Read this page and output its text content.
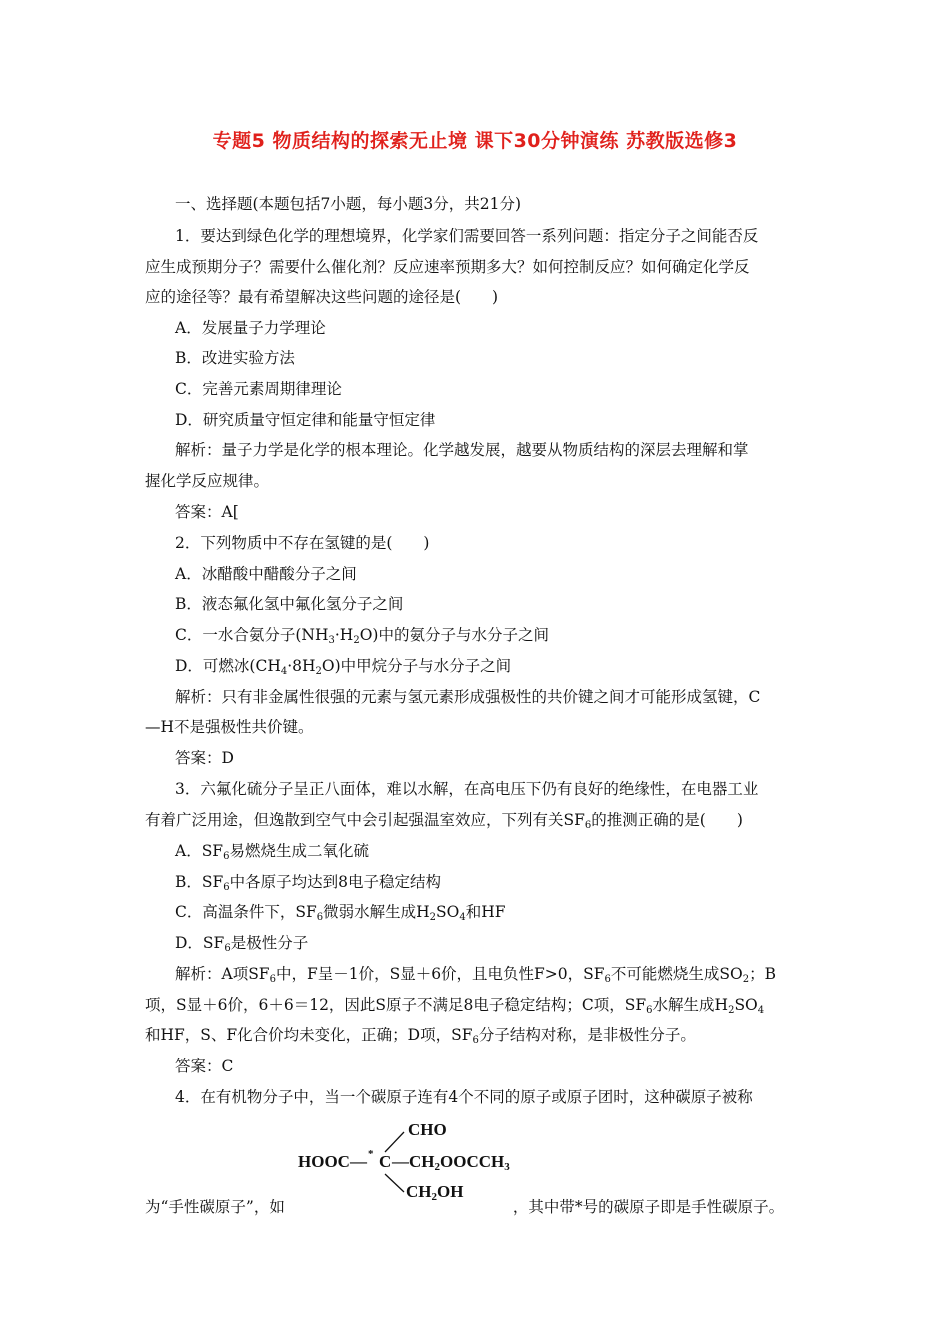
专题5 物质结构的探索无止境 课下30分钟演练 苏教版选修3
一、选择题(本题包括7小题，每小题3分，共21分)
1．要达到绿色化学的理想境界，化学家们需要回答一系列问题：指定分子之间能否反
应生成预期分子？需要什么催化剂？反应速率预期多大？如何控制反应？如何确定化学反
应的途径等？最有希望解决这些问题的途径是(　　)
A．发展量子力学理论
B．改进实验方法
C．完善元素周期律理论
D．研究质量守恒定律和能量守恒定律
解析：量子力学是化学的根本理论。化学越发展，越要从物质结构的深层去理解和掌
握化学反应规律。
答案：A[
2．下列物质中不存在氢键的是(　　)
A．冰醋酸中醋酸分子之间
B．液态氟化氢中氟化氢分子之间
C．一水合氨分子$(NH_3\cdot H_2O)$中的氨分子与水分子之间
D．可燃冰$(CH_4\cdot 8H_2O)$中甲烷分子与水分子之间
解析：只有非金属性很强的元素与氢元素形成强极性的共价键之间才可能形成氢键，C
—H不是强极性共价键。
答案：D
3．六氟化硫分子呈正八面体，难以水解，在高电压下仍有良好的绝缘性，在电器工业
有着广泛用途，但逸散到空气中会引起强温室效应，下列有关$SF_6$的推测正确的是(　　)
A．$SF_6$易燃烧生成二氧化硫
B．$SF_6$中各原子均达到8电子稳定结构
C．高温条件下，$SF_6$微弱水解生成$H_2SO_4$和HF
D．$SF_6$是极性分子
解析：A项$SF_6$中，F呈－1价，S显＋6价，且电负性F>0，$SF_6$不可能燃烧生成$SO_2$；B
项，S显＋6价，6＋6＝12，因此S原子不满足8电子稳定结构；C项，$SF_6$水解生成$H_2SO_4$
和HF，S、F化合价均未变化，正确；D项，$SF_6$分子结构对称，是非极性分子。
答案：C
4．在有机物分子中，当一个碳原子连有4个不同的原子或原子团时，这种碳原子被称
CHO
HOOC— * C $—CH_2OOCCH_3$
$CH_2OH$
为“手性碳原子”，如	，其中带*号的碳原子即是手性碳原子。
